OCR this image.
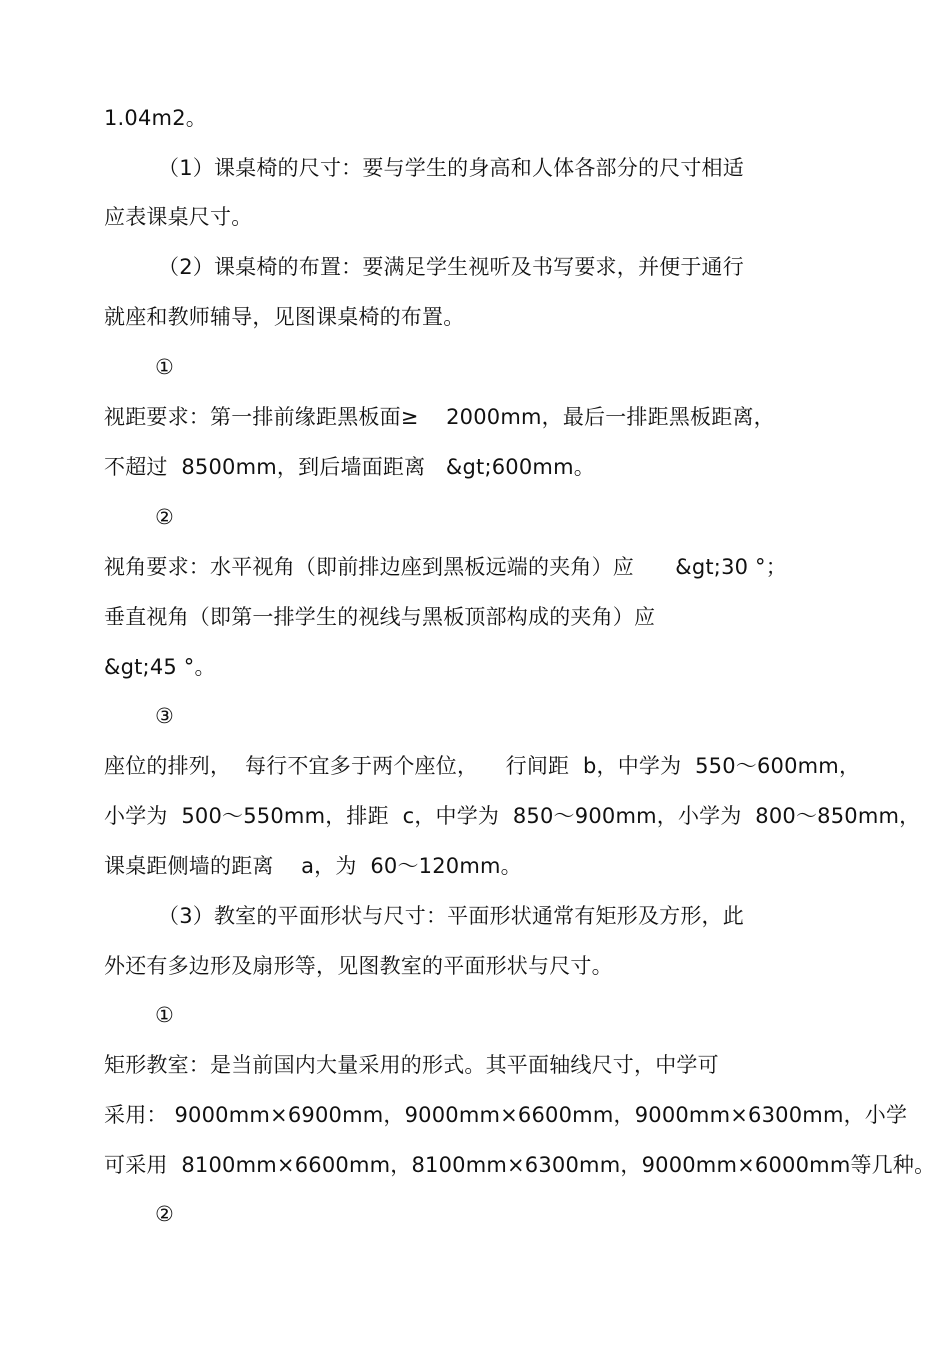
1.04m2。
（1）课桌椅的尺寸：要与学生的身高和人体各部分的尺寸相适
应表课桌尺寸。
（2）课桌椅的布置：要满足学生视听及书写要求，并便于通行
就座和教师辅导，见图课桌椅的布置。
①
视距要求：第一排前缘距黑板面≥    2000mm，最后一排距黑板距离，
不超过  8500mm，到后墙面距离   &gt;600mm。
②
视角要求：水平视角（即前排边座到黑板远端的夹角）应      &gt;30 °；
垂直视角（即第一排学生的视线与黑板顶部构成的夹角）应
&gt;45 °。
③
座位的排列，  每行不宜多于两个座位，    行间距  b，中学为  550～600mm，
小学为  500～550mm，排距  c，中学为  850～900mm，小学为  800～850mm，
课桌距侧墙的距离    a，为  60～120mm。
（3）教室的平面形状与尺寸：平面形状通常有矩形及方形，此
外还有多边形及扇形等，见图教室的平面形状与尺寸。
①
矩形教室：是当前国内大量采用的形式。其平面轴线尺寸，中学可
采用： 9000mm×6900mm，9000mm×6600mm，9000mm×6300mm，小学
可采用  8100mm×6600mm，8100mm×6300mm，9000mm×6000mm等几种。
②
